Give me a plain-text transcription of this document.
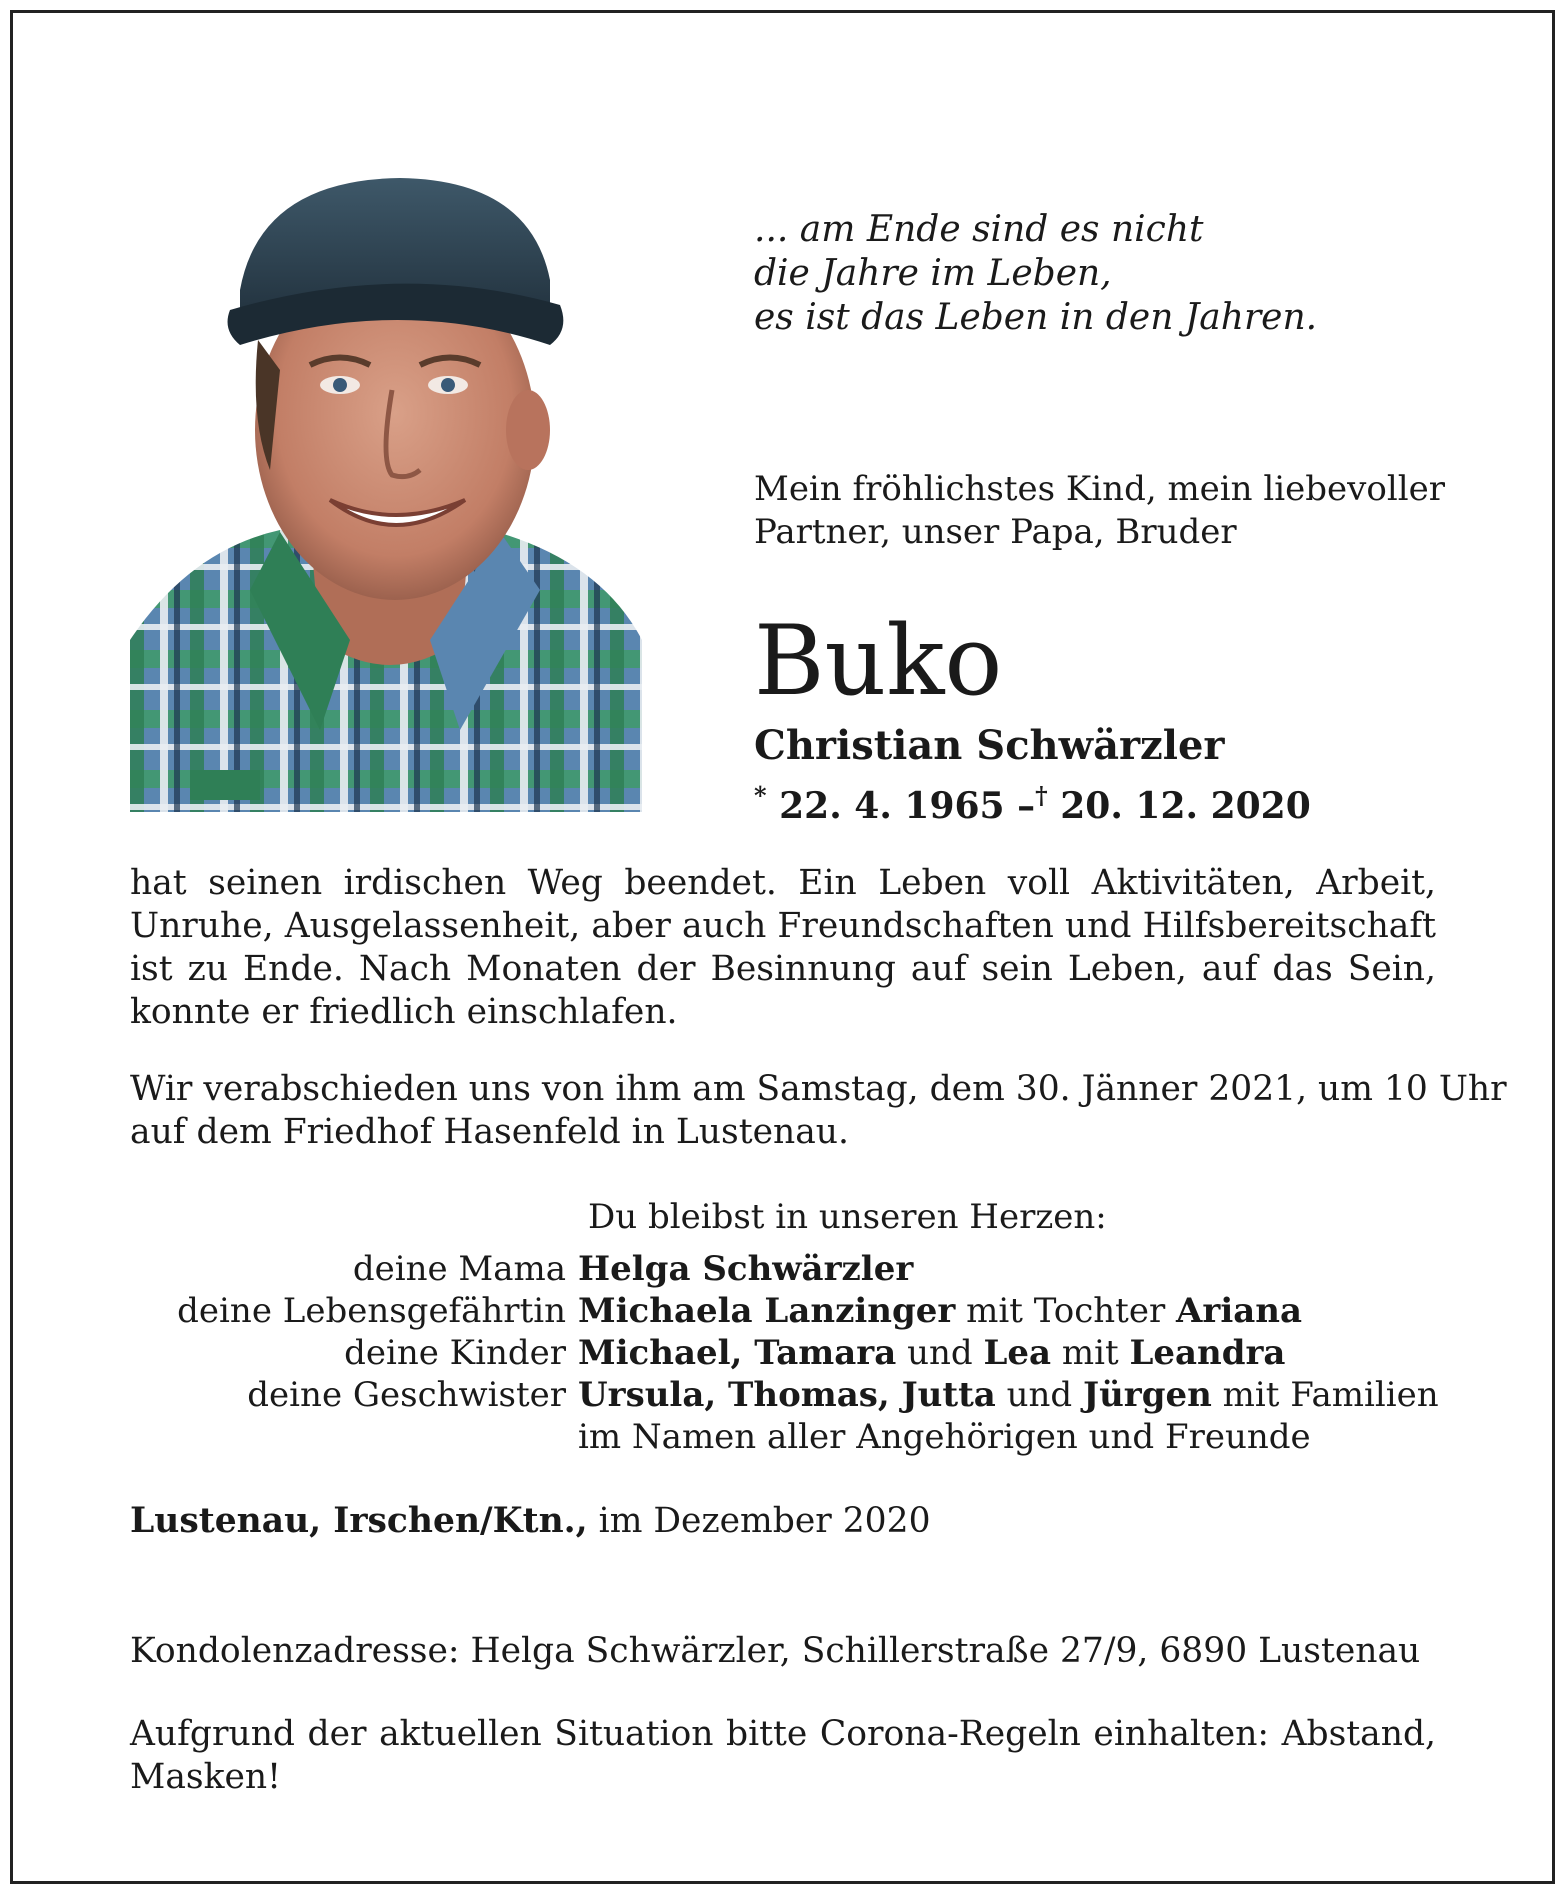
... am Ende sind es nicht
die Jahre im Leben,
es ist das Leben in den Jahren.
Mein fröhlichstes Kind, mein liebevoller
Partner, unser Papa, Bruder
Buko
Christian Schwärzler
* 22. 4. 1965 –† 20. 12. 2020
hat seinen irdischen Weg beendet. Ein Leben voll Aktivitäten, Arbeit,
Unruhe, Ausgelassenheit, aber auch Freundschaften und Hilfsbereitschaft
ist zu Ende. Nach Monaten der Besinnung auf sein Leben, auf das Sein,
konnte er friedlich einschlafen.
Wir verabschieden uns von ihm am Samstag, dem 30. Jänner 2021, um 10 Uhr
auf dem Friedhof Hasenfeld in Lustenau.
Du bleibst in unseren Herzen:
deine Mama Helga Schwärzler
deine Lebensgefährtin Michaela Lanzinger mit Tochter Ariana
deine Kinder Michael, Tamara und Lea mit Leandra
deine Geschwister Ursula, Thomas, Jutta und Jürgen mit Familien
im Namen aller Angehörigen und Freunde
Lustenau, Irschen/Ktn., im Dezember 2020
Kondolenzadresse: Helga Schwärzler, Schillerstraße 27/9, 6890 Lustenau
Aufgrund der aktuellen Situation bitte Corona-Regeln einhalten: Abstand,
Masken!
